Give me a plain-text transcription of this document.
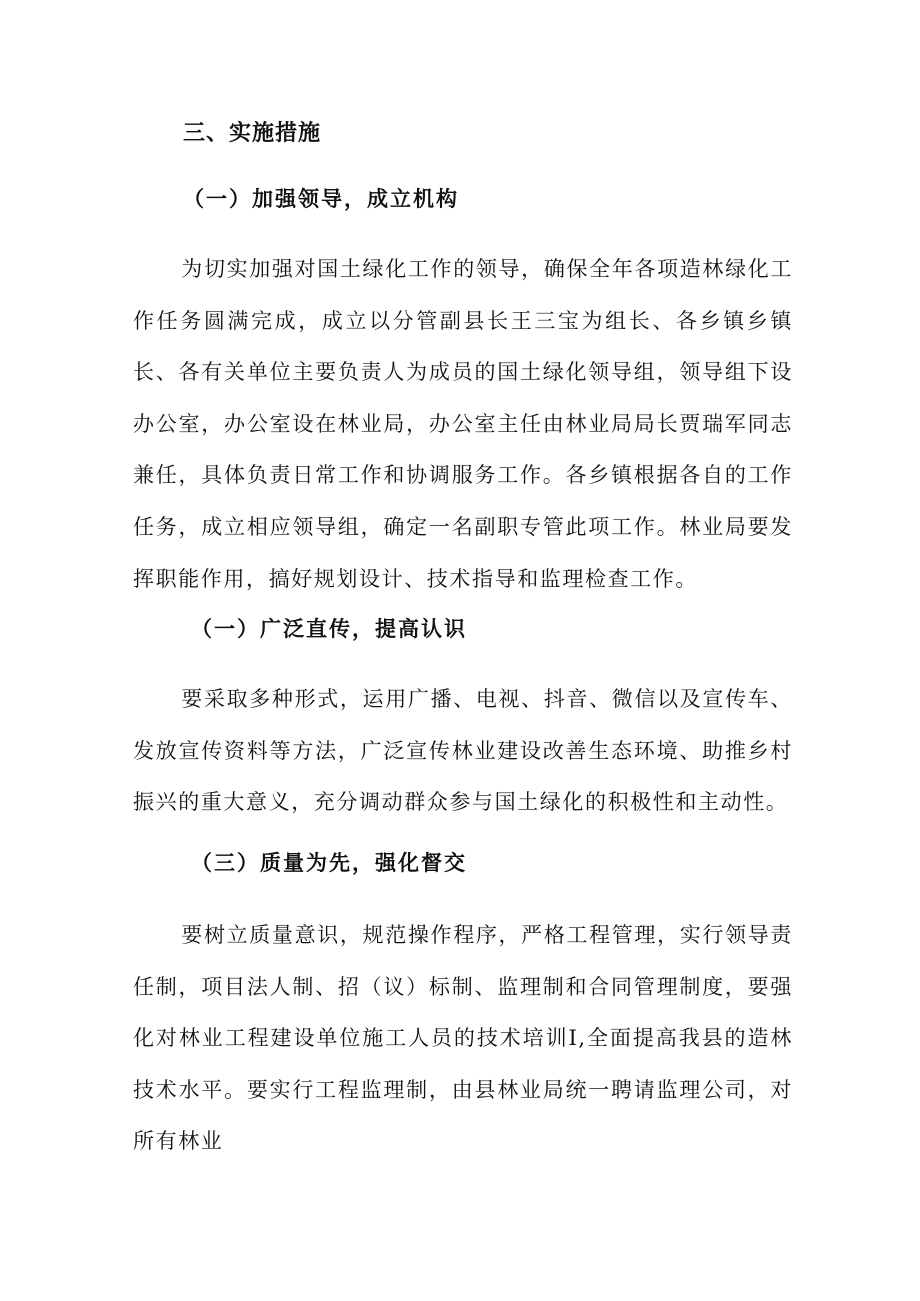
三、实施措施
（一）加强领导，成立机构

为切实加强对国土绿化工作的领导，确保全年各项造林绿化工作任务圆满完成，成立以分管副县长王三宝为组长、各乡镇乡镇长、各有关单位主要负责人为成员的国土绿化领导组，领导组下设办公室，办公室设在林业局，办公室主任由林业局局长贾瑞军同志兼任，具体负责日常工作和协调服务工作。各乡镇根据各自的工作任务，成立相应领导组，确定一名副职专管此项工作。林业局要发挥职能作用，搞好规划设计、技术指导和监理检查工作。

（一）广泛直传，提高认识

要采取多种形式，运用广播、电视、抖音、微信以及宣传车、发放宣传资料等方法，广泛宣传林业建设改善生态环境、助推乡村振兴的重大意义，充分调动群众参与国土绿化的积极性和主动性。

（三）质量为先，强化督交

要树立质量意识，规范操作程序，严格工程管理，实行领导责任制，项目法人制、招（议）标制、监理制和合同管理制度，要强化对林业工程建设单位施工人员的技术培训I,全面提高我县的造林技术水平。要实行工程监理制，由县林业局统一聘请监理公司，对所有林业
